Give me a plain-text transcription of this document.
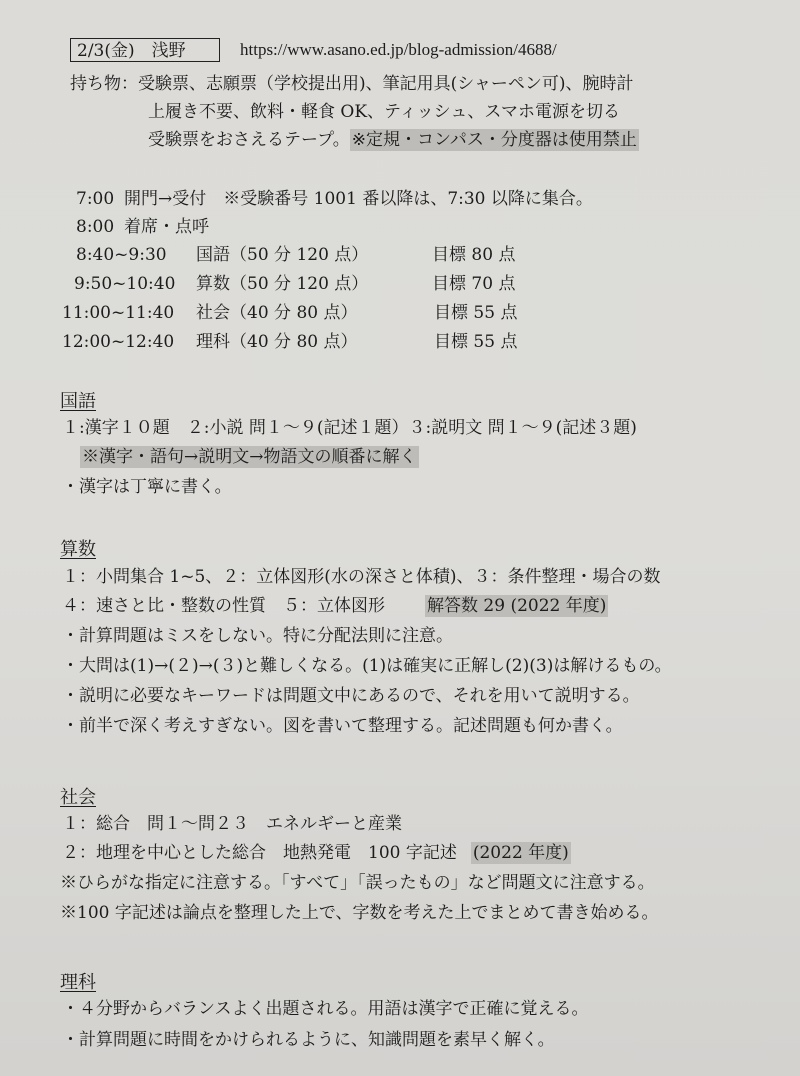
2/3(金)　浅野	https://www.asano.ed.jp/blog-admission/4688/
持ち物：受験票、志願票（学校提出用)、筆記用具(シャーペン可)、腕時計
上履き不要、飲料・軽食 OK、ティッシュ、スマホ電源を切る
受験票をおさえるテープ。 ※定規・コンパス・分度器は使用禁止
7:00 開門→受付　※受験番号 1001 番以降は、7:30 以降に集合。
8:00 着席・点呼
8:40~9:30 国語（50 分 120 点）	目標 80 点
9:50~10:40 算数（50 分 120 点）	目標 70 点
11:00~11:40 社会（40 分 80 点）	目標 55 点
12:00~12:40 理科（40 分 80 点）	目標 55 点
国語
１:漢字１０題　２:小説 問１～９(記述１題）３:説明文 問１～９(記述３題)
※漢字・語句→説明文→物語文の順番に解く
・漢字は丁寧に書く。
算数
１：小問集合 1~5、２：立体図形(水の深さと体積)、３：条件整理・場合の数
４：速さと比・整数の性質　５：立体図形 解答数 29 (2022 年度)
・計算問題はミスをしない。特に分配法則に注意。
・大問は(1)→(２)→(３)と難しくなる。(1)は確実に正解し(2)(3)は解けるもの。
・説明に必要なキーワードは問題文中にあるので、それを用いて説明する。
・前半で深く考えすぎない。図を書いて整理する。記述問題も何か書く。
社会
１：総合　問１～問２３　エネルギーと産業
２：地理を中心とした総合　地熱発電　100 字記述 (2022 年度)
※ひらがな指定に注意する。「すべて」「誤ったもの」など問題文に注意する。
※100 字記述は論点を整理した上で、字数を考えた上でまとめて書き始める。
理科
・４分野からバランスよく出題される。用語は漢字で正確に覚える。
・計算問題に時間をかけられるように、知識問題を素早く解く。
